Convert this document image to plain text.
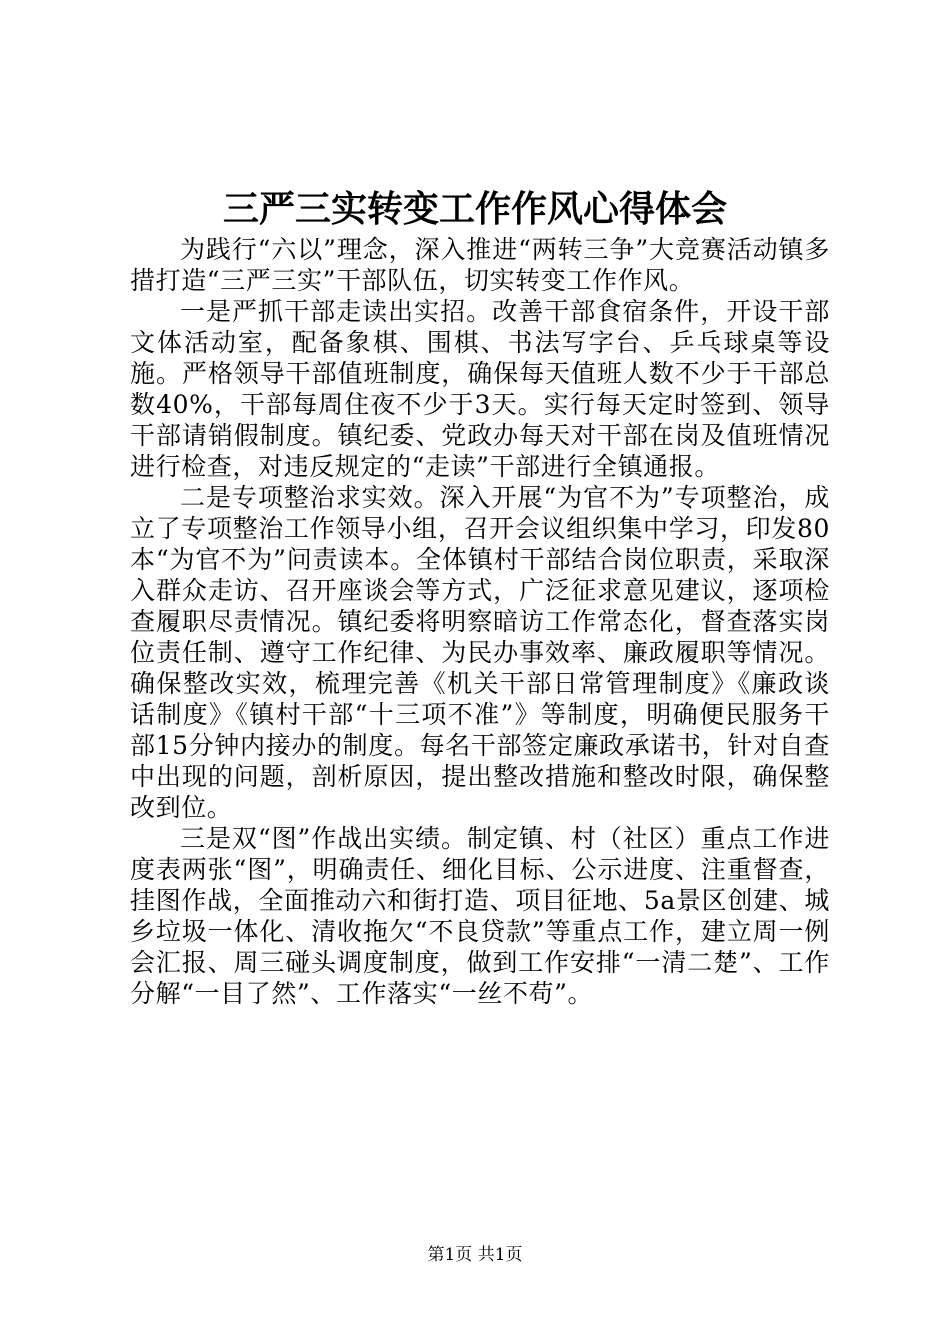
三严三实转变工作作风心得体会

为践行“六以”理念，深入推进“两转三争”大竞赛活动镇多措打造“三严三实”干部队伍，切实转变工作作风。

一是严抓干部走读出实招。改善干部食宿条件，开设干部文体活动室，配备象棋、围棋、书法写字台、乒乓球桌等设施。严格领导干部值班制度，确保每天值班人数不少于干部总数40%，干部每周住夜不少于3天。实行每天定时签到、领导干部请销假制度。镇纪委、党政办每天对干部在岗及值班情况进行检查，对违反规定的“走读”干部进行全镇通报。

二是专项整治求实效。深入开展“为官不为”专项整治，成立了专项整治工作领导小组，召开会议组织集中学习，印发80本“为官不为”问责读本。全体镇村干部结合岗位职责，采取深入群众走访、召开座谈会等方式，广泛征求意见建议，逐项检查履职尽责情况。镇纪委将明察暗访工作常态化，督查落实岗位责任制、遵守工作纪律、为民办事效率、廉政履职等情况。确保整改实效，梳理完善《机关干部日常管理制度》《廉政谈话制度》《镇村干部“十三项不准”》等制度，明确便民服务干部15分钟内接办的制度。每名干部签定廉政承诺书，针对自查中出现的问题，剖析原因，提出整改措施和整改时限，确保整改到位。

三是双“图”作战出实绩。制定镇、村（社区）重点工作进度表两张“图”，明确责任、细化目标、公示进度、注重督查，挂图作战，全面推动六和街打造、项目征地、5a景区创建、城乡垃圾一体化、清收拖欠“不良贷款”等重点工作，建立周一例会汇报、周三碰头调度制度，做到工作安排“一清二楚”、工作分解“一目了然”、工作落实“一丝不苟”。

第1页 共1页
